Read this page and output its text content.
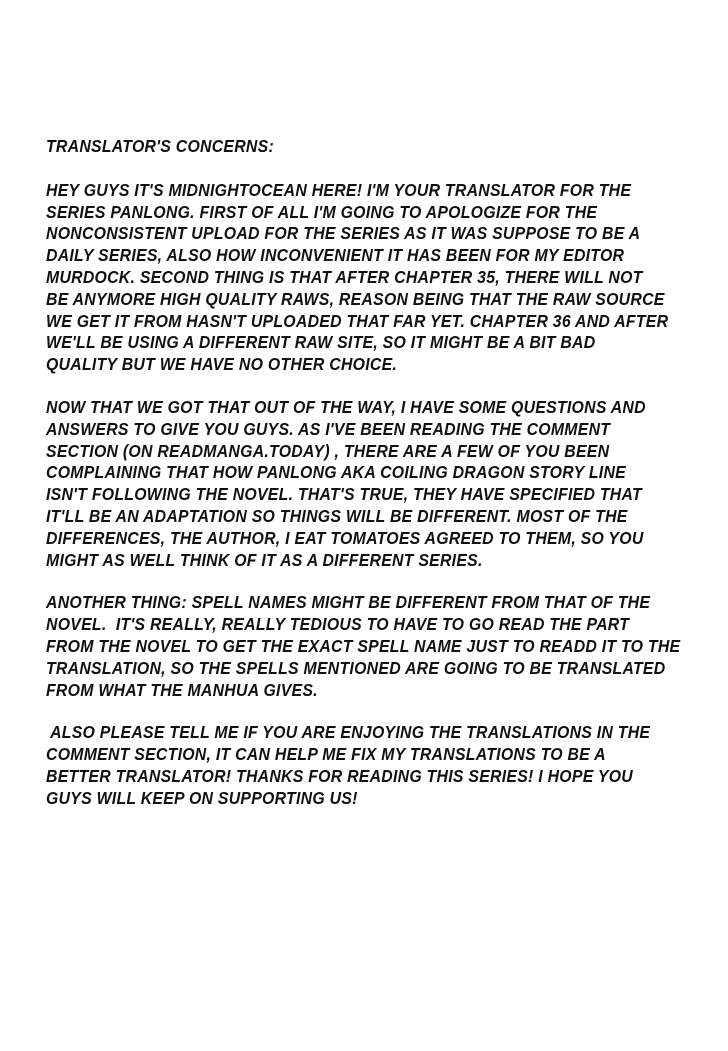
TRANSLATOR'S CONCERNS:
HEY GUYS IT'S MIDNIGHTOCEAN HERE! I'M YOUR TRANSLATOR FOR THE
SERIES PANLONG. FIRST OF ALL I'M GOING TO APOLOGIZE FOR THE
NONCONSISTENT UPLOAD FOR THE SERIES AS IT WAS SUPPOSE TO BE A
DAILY SERIES, ALSO HOW INCONVENIENT IT HAS BEEN FOR MY EDITOR
MURDOCK. SECOND THING IS THAT AFTER CHAPTER 35, THERE WILL NOT
BE ANYMORE HIGH QUALITY RAWS, REASON BEING THAT THE RAW SOURCE
WE GET IT FROM HASN'T UPLOADED THAT FAR YET. CHAPTER 36 AND AFTER
WE'LL BE USING A DIFFERENT RAW SITE, SO IT MIGHT BE A BIT BAD
QUALITY BUT WE HAVE NO OTHER CHOICE.
NOW THAT WE GOT THAT OUT OF THE WAY, I HAVE SOME QUESTIONS AND
ANSWERS TO GIVE YOU GUYS. AS I'VE BEEN READING THE COMMENT
SECTION (ON READMANGA.TODAY) , THERE ARE A FEW OF YOU BEEN
COMPLAINING THAT HOW PANLONG AKA COILING DRAGON STORY LINE
ISN'T FOLLOWING THE NOVEL. THAT'S TRUE, THEY HAVE SPECIFIED THAT
IT'LL BE AN ADAPTATION SO THINGS WILL BE DIFFERENT. MOST OF THE
DIFFERENCES, THE AUTHOR, I EAT TOMATOES AGREED TO THEM, SO YOU
MIGHT AS WELL THINK OF IT AS A DIFFERENT SERIES.
ANOTHER THING: SPELL NAMES MIGHT BE DIFFERENT FROM THAT OF THE
NOVEL.  IT'S REALLY, REALLY TEDIOUS TO HAVE TO GO READ THE PART
FROM THE NOVEL TO GET THE EXACT SPELL NAME JUST TO READD IT TO THE
TRANSLATION, SO THE SPELLS MENTIONED ARE GOING TO BE TRANSLATED
FROM WHAT THE MANHUA GIVES.
ALSO PLEASE TELL ME IF YOU ARE ENJOYING THE TRANSLATIONS IN THE
COMMENT SECTION, IT CAN HELP ME FIX MY TRANSLATIONS TO BE A
BETTER TRANSLATOR! THANKS FOR READING THIS SERIES! I HOPE YOU
GUYS WILL KEEP ON SUPPORTING US!
